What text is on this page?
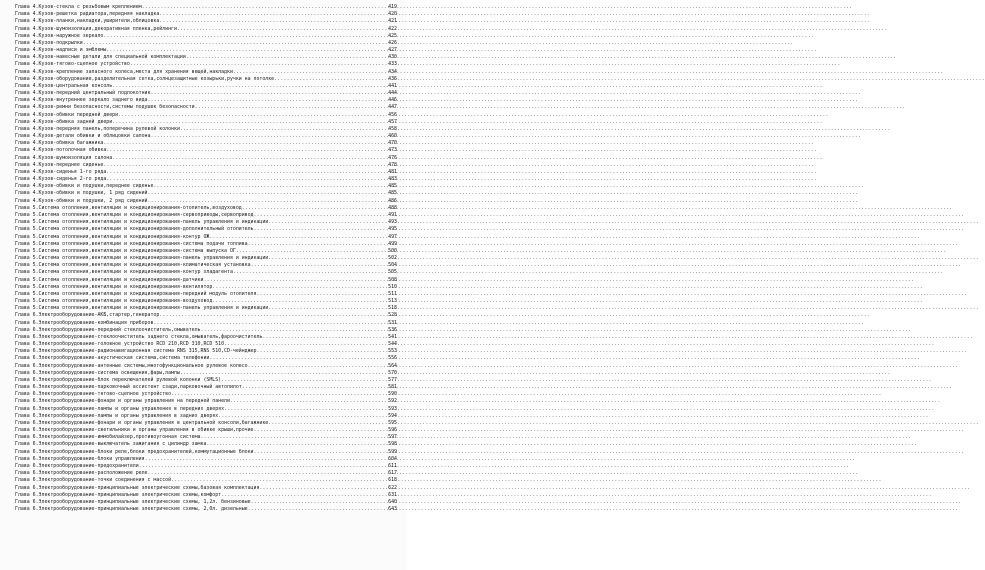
Глава 4.Кузов-стекла с резьбовым креплением .....	419
Глава 4.Кузов-решетка радиатора,передняя накладка .....	420
Глава 4.Кузов-планки,накладки,уширители,облицовка .....	421
Глава 4.Кузов-шумоизоляция,декоративная пленка,рейлинги .....	422
Глава 4.Кузов-наружное зеркало .....	425
Глава 4.Кузов-подкрылки .....	426
Глава 4.Кузов-надписи и эмблемы .....	427
Глава 4.Кузов-навесные детали для специальной комплектации .....	430
Глава 4.Кузов-тягово-сцепное устройство .....	433
Глава 4.Кузов-крепление запасного колеса,места для хранения вещей,накладки .....	434
Глава 4.Кузов-оборудование,разделительная сетка,солнцезащитные козырьки,ручки на потолке .....	436
Глава 4.Кузов-центральная консоль .....	441
Глава 4.Кузов-передний центральный подлокотник .....	444
Глава 4.Кузов-внутреннее зеркало заднего вида .....	446
Глава 4.Кузов-ремни безопасности,системы подушек безопасности .....	447
Глава 4.Кузов-обивки передней двери .....	456
Глава 4.Кузов-обивка задней двери .....	457
Глава 4.Кузов-передняя панель,поперечина рулевой колонки .....	458
Глава 4.Кузов-детали обивки и облицовки салона .....	460
Глава 4.Кузов-обивка багажника .....	470
Глава 4.Кузов-потолочная обивка .....	473
Глава 4.Кузов-шумоизоляция салона .....	476
Глава 4.Кузов-переднее сиденье .....	478
Глава 4.Кузов-сиденья 1-го ряда .....	481
Глава 4.Кузов-сиденья 2-го ряда .....	483
Глава 4.Кузов-обивки и подушки,переднее сиденье .....	485
Глава 4.Кузов-обивки и подушки, 1 ряд сидений .....	485
Глава 4.Кузов-обивки и подушки, 2 ряд сидений .....	486
Глава 5.Система отопления,вентиляции и кондиционирования-отопитель,воздуховод .....	488
Глава 5.Система отопления,вентиляции и кондиционирования-сервоприводы,сервопривод .....	491
Глава 5.Система отопления,вентиляции и кондиционирования-панель управления и индикации .....	493
Глава 5.Система отопления,вентиляции и кондиционирования-дополнительный отопитель .....	495
Глава 5.Система отопления,вентиляции и кондиционирования-контур ОЖ .....	497
Глава 5.Система отопления,вентиляции и кондиционирования-система подачи топлива .....	499
Глава 5.Система отопления,вентиляции и кондиционирования-система выпуска ОГ .....	500
Глава 5.Система отопления,вентиляции и кондиционирования-панель управления и индикации .....	502
Глава 5.Система отопления,вентиляции и кондиционирования-климатическая установка .....	504
Глава 5.Система отопления,вентиляции и кондиционирования-контур хладагента .....	505
Глава 5.Система отопления,вентиляции и кондиционирования-датчики .....	508
Глава 5.Система отопления,вентиляции и кондиционирования-вентилятор .....	510
Глава 5.Система отопления,вентиляции и кондиционирования-передний модуль отопителя .....	511
Глава 5.Система отопления,вентиляции и кондиционирования-воздуховод .....	513
Глава 5.Система отопления,вентиляции и кондиционирования-панель управления и индикации .....	518
Глава 6.Электрооборудование-АКБ,стартер,генератор .....	528
Глава 6.Электрооборудование-комбинация приборов .....	531
Глава 6.Электрооборудование-передний стеклоочиститель,омыватель .....	536
Глава 6.Электрооборудование-стеклоочиститель заднего стекла,омыватель,фароочиститель .....	541
Глава 6.Электрооборудование-головное устройство RCD 210,RCD 310,RCD 510 .....	544
Глава 6.Электрооборудование-радионавигационная система RNS 315,RNS 510,CD-чейнджер .....	553
Глава 6.Электрооборудование-акустическая система,система телефонии .....	556
Глава 6.Электрооборудование-антенные системы,многофункциональное рулевое колесо .....	564
Глава 6.Электрооборудование-система освещения,фары,лампы .....	570
Глава 6.Электрооборудование-блок переключателей рулевой колонки (SMLS) .....	577
Глава 6.Электрооборудование-парковочный ассистент сзади,парковочный автопилот .....	581
Глава 6.Электрооборудование-тягово-сцепное устройство .....	590
Глава 6.Электрооборудование-фонари и органы управления на передней панели .....	592
Глава 6.Электрооборудование-лампы и органы управления в передних дверях .....	593
Глава 6.Электрооборудование-лампы и органы управления в задних дверях .....	594
Глава 6.Электрооборудование-фонари и органы управления в центральной консоли,багажнике .....	595
Глава 6.Электрооборудование-светильники и органы управления в обивке крыши,прочие .....	596
Глава 6.Электрооборудование-иммобилайзер,противоугонная система .....	597
Глава 6.Электрооборудование-выключатель зажигания с цилиндр замка .....	598
Глава 6.Электрооборудование-блоки реле,блоки предохранителей,коммутационные блоки .....	599
Глава 6.Электрооборудование-блоки управления .....	604
Глава 6.Электрооборудование-предохранители .....	611
Глава 6.Электрооборудование-расположение реле .....	617
Глава 6.Электрооборудование-точки соединения с массой .....	618
Глава 6.Электрооборудование-принципиальные электрические схемы,базовая комплектация .....	622
Глава 6.Электрооборудование-принципиальные электрические схемы,комфорт .....	631
Глава 6.Электрооборудование-принципиальные электрические схемы, 1,2л. бензиновые .....	640
Глава 6.Электрооборудование-принципиальные электрические схемы, 2,0л. дизельные .....	643
